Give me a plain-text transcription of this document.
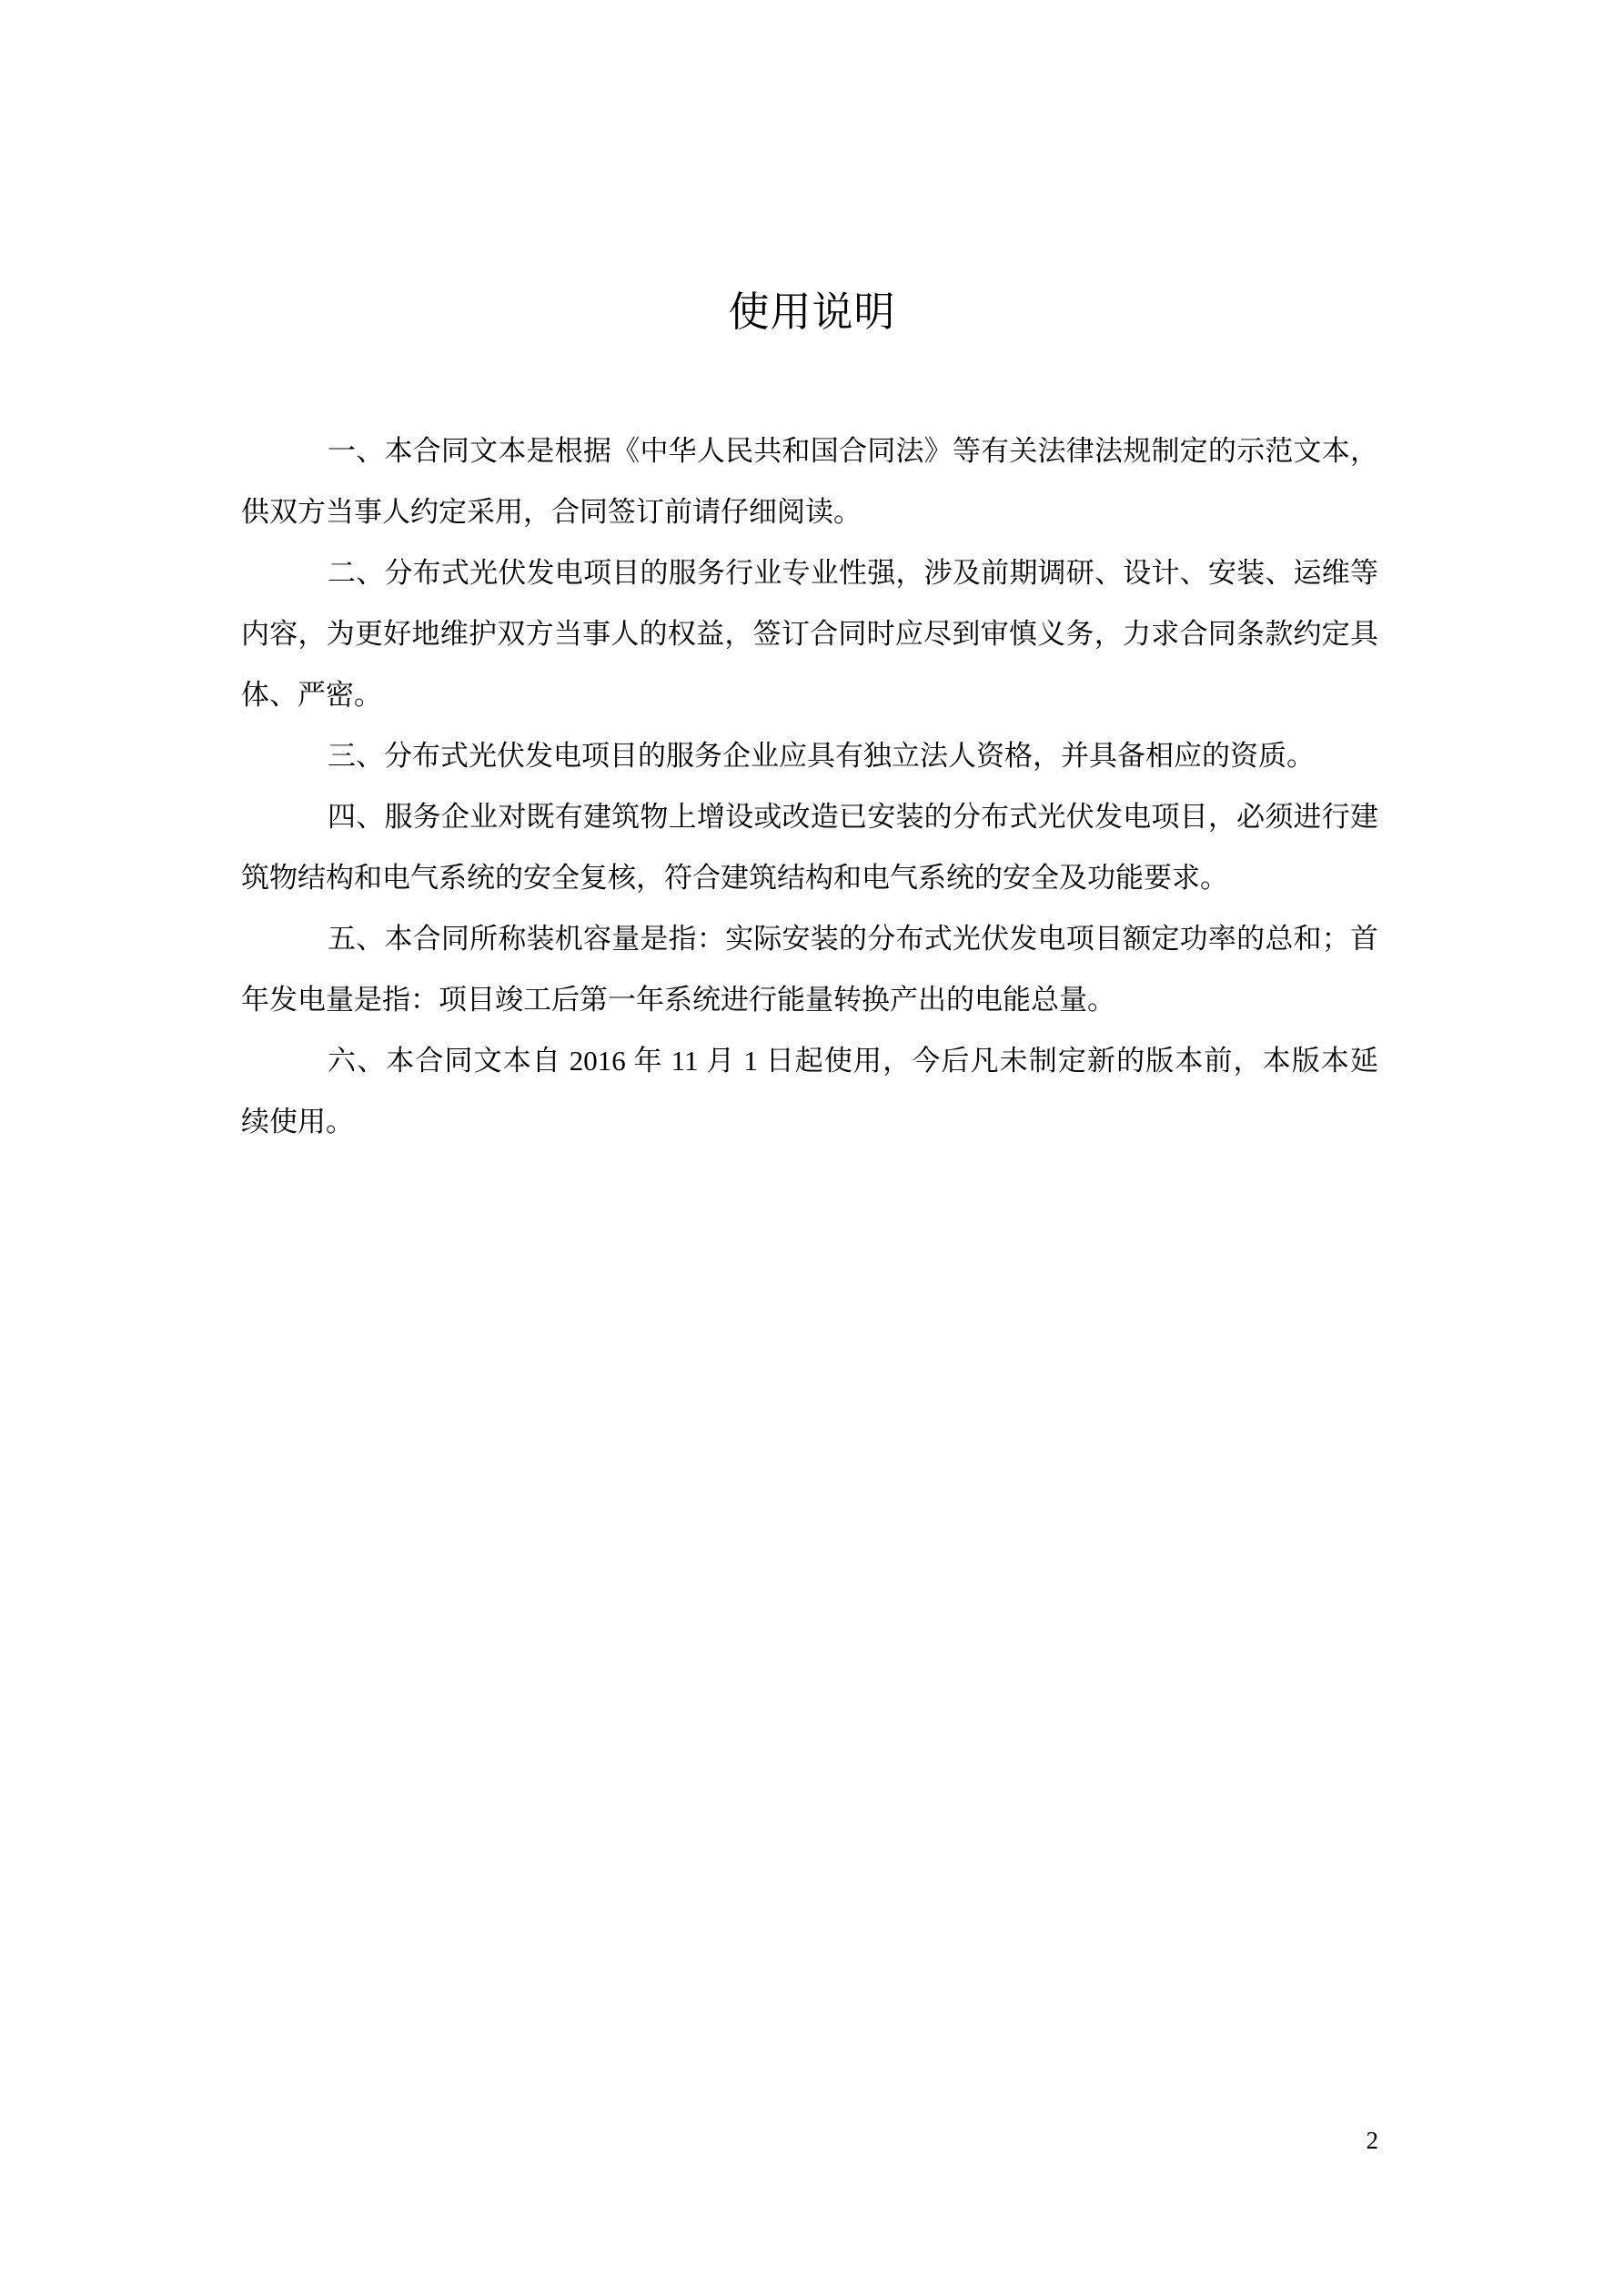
使用说明
一、本合同文本是根据《中华人民共和国合同法》等有关法律法规制定的示范文本，
供双方当事人约定采用，合同签订前请仔细阅读。
二、分布式光伏发电项目的服务行业专业性强，涉及前期调研、设计、安装、运维等
内容，为更好地维护双方当事人的权益，签订合同时应尽到审慎义务，力求合同条款约定具
体、严密。
三、分布式光伏发电项目的服务企业应具有独立法人资格，并具备相应的资质。
四、服务企业对既有建筑物上增设或改造已安装的分布式光伏发电项目，必须进行建
筑物结构和电气系统的安全复核，符合建筑结构和电气系统的安全及功能要求。
五、本合同所称装机容量是指：实际安装的分布式光伏发电项目额定功率的总和；首
年发电量是指：项目竣工后第一年系统进行能量转换产出的电能总量。
六、本合同文本自 2016 年 11 月 1 日起使用，今后凡未制定新的版本前，本版本延
续使用。
2
